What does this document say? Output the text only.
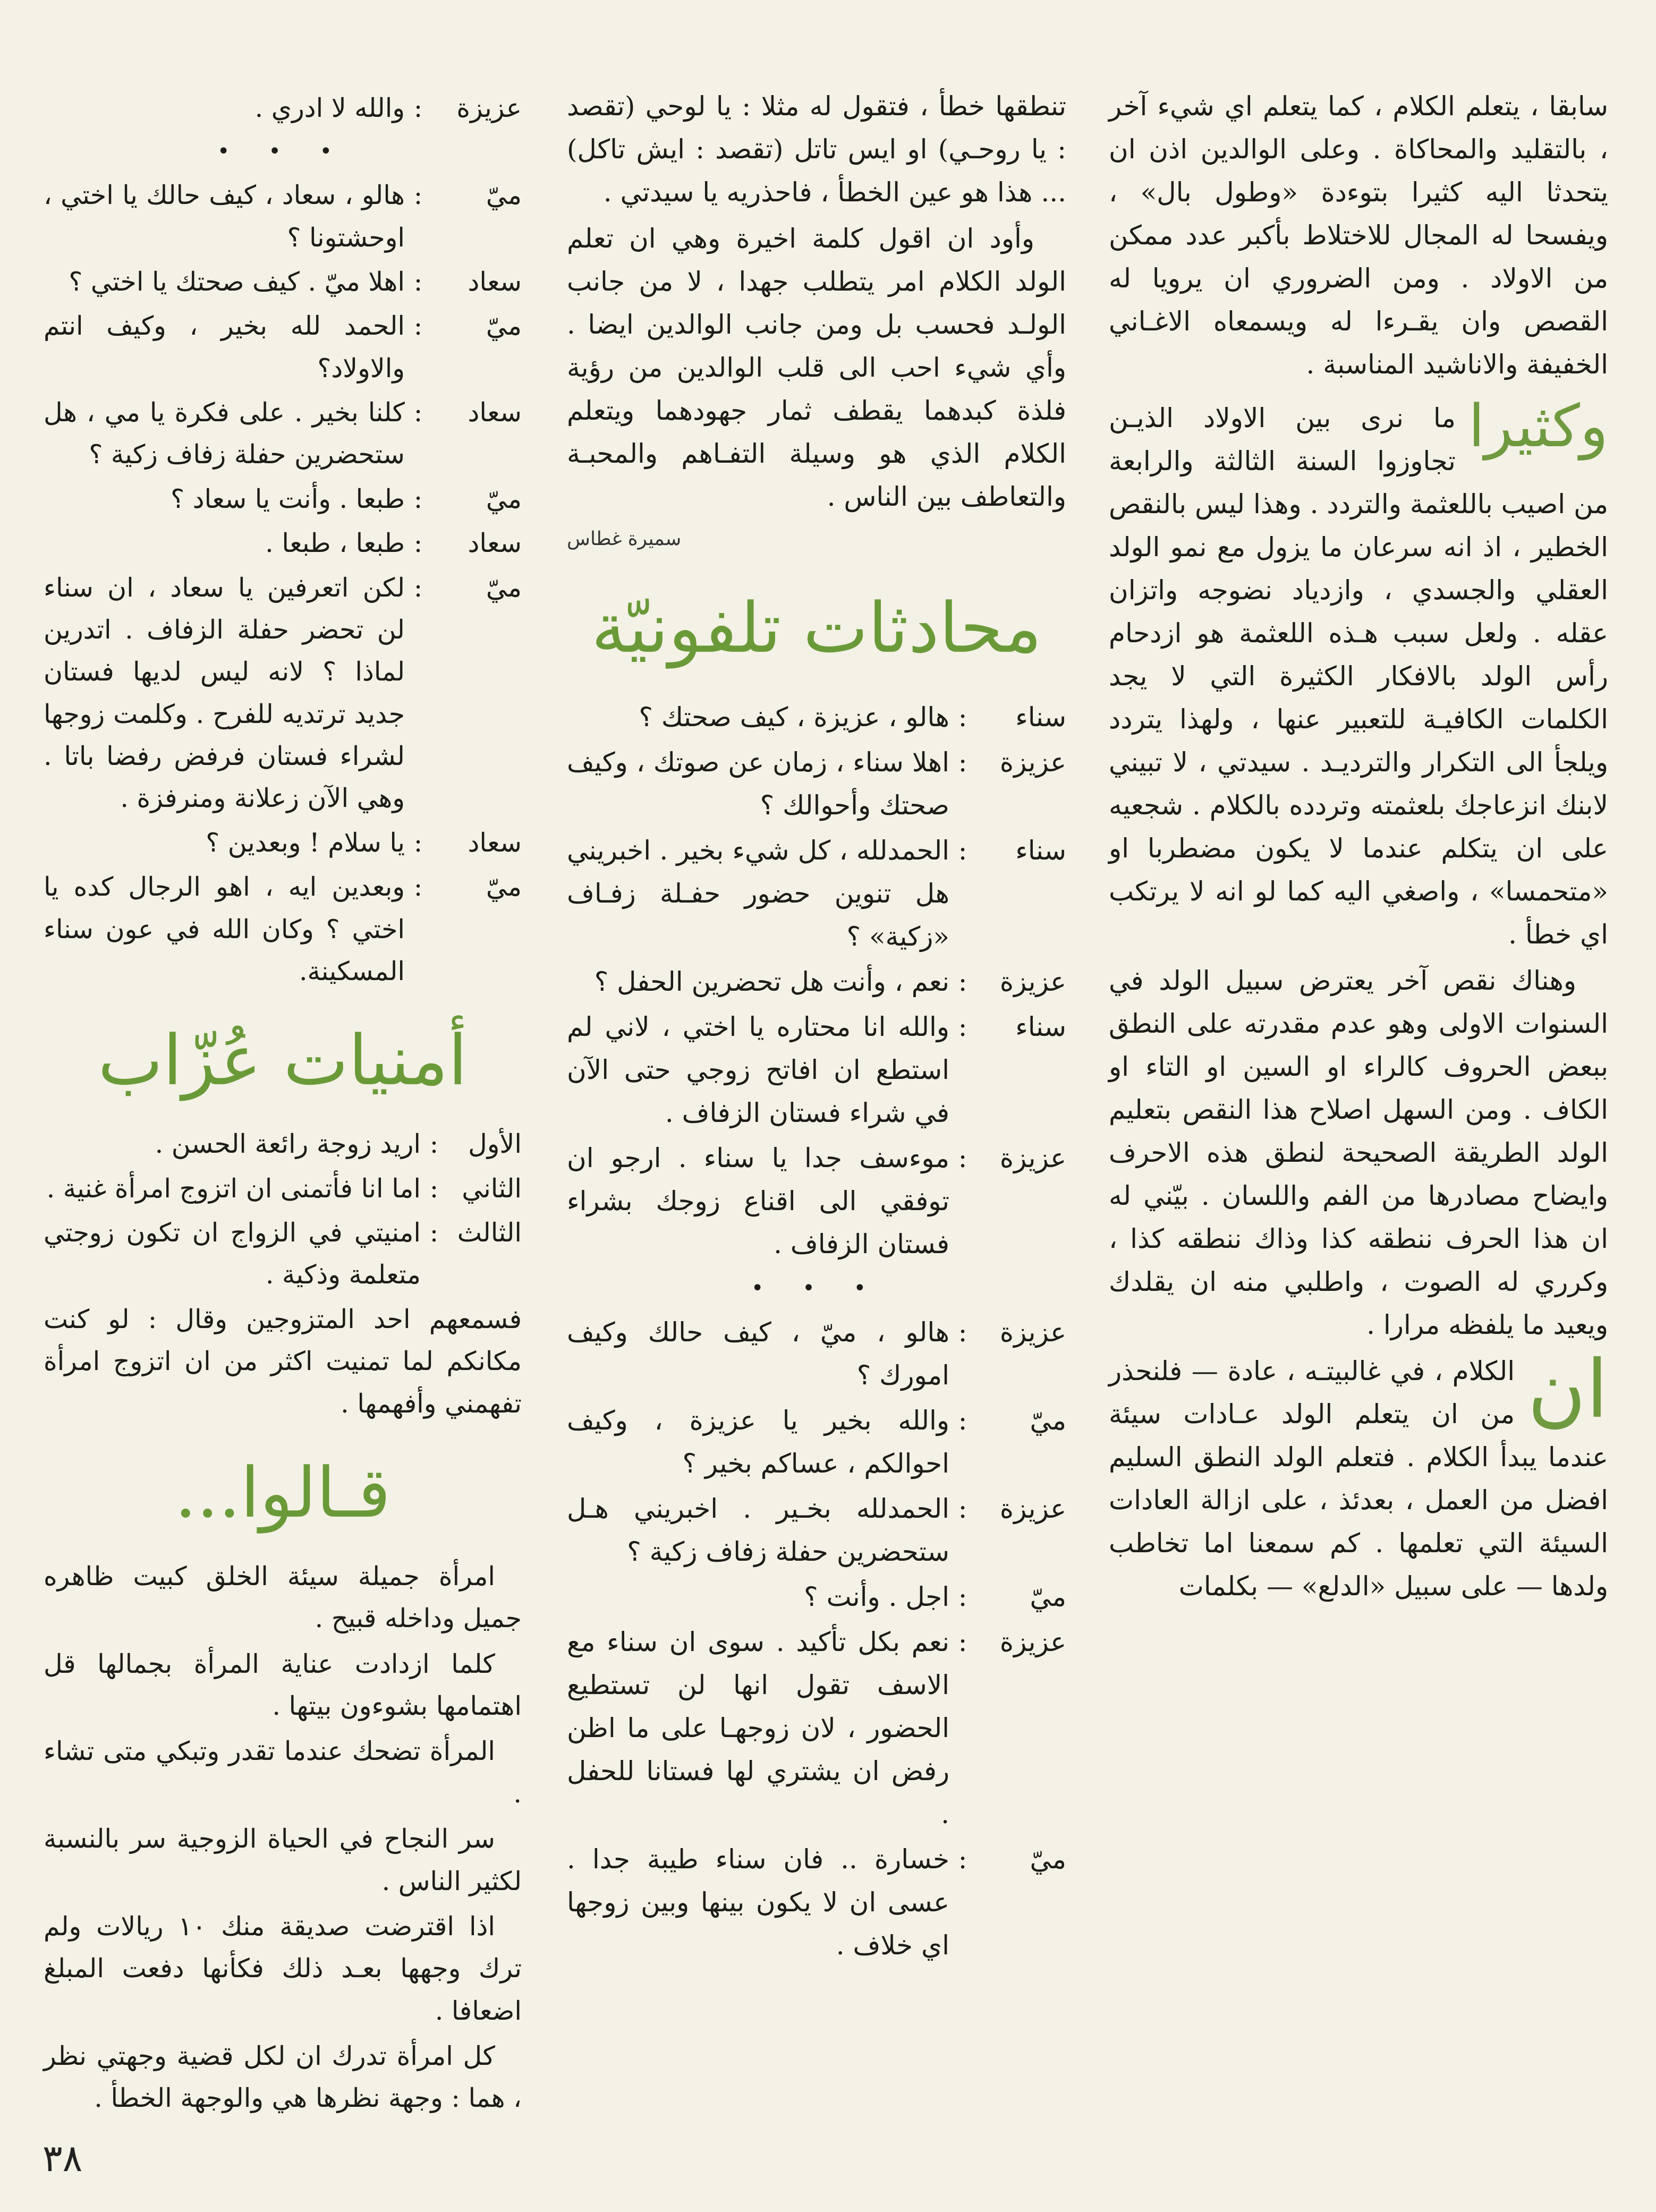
سابقا ، يتعلم الكلام ، كما يتعلم اي شيء آخر ، بالتقليد والمحاكاة . وعلى الوالدين اذن ان يتحدثا اليه كثيرا بتوءدة «وطول بال» ، ويفسحا له المجال للاختلاط بأكبر عدد ممكن من الاولاد . ومن الضروري ان يرويا له القصص وان يقـرءا له ويسمعاه الاغـاني الخفيفة والاناشيد المناسبة .

وكثيرا
ما نرى بين الاولاد الذيـن تجاوزوا السنة الثالثة والرابعة من اصيب باللعثمة والتردد . وهذا ليس بالنقص الخطير ، اذ انه سرعان ما يزول مع نمو الولد العقلي والجسدي ، وازدياد نضوجه واتزان عقله . ولعل سبب هـذه اللعثمة هو ازدحام رأس الولد بالافكار الكثيرة التي لا يجد الكلمات الكافيـة للتعبير عنها ، ولهذا يتردد ويلجأ الى التكرار والترديـد . سيدتي ، لا تبيني لابنك انزعاجك بلعثمته وتردده بالكلام . شجعيه على ان يتكلم عندما لا يكون مضطربا او «متحمسا» ، واصغي اليه كما لو انه لا يرتكب اي خطأ .

وهناك نقص آخر يعترض سبيل الولد في السنوات الاولى وهو عدم مقدرته على النطق ببعض الحروف كالراء او السين او التاء او الكاف . ومن السهل اصلاح هذا النقص بتعليم الولد الطريقة الصحيحة لنطق هذه الاحرف وايضاح مصادرها من الفم واللسان . بيّني له ان هذا الحرف ننطقه كذا وذاك ننطقه كذا ، وكرري له الصوت ، واطلبي منه ان يقلدك ويعيد ما يلفظه مرارا .

ان
الكلام ، في غالبيتـه ، عادة — فلنحذر من ان يتعلم الولد عـادات سيئة عندما يبدأ الكلام . فتعلم الولد النطق السليم افضل من العمل ، بعدئذ ، على ازالة العادات السيئة التي تعلمها . كم سمعنا اما تخاطب ولدها — على سبيل «الدلع» — بكلمات

تنطقها خطأ ، فتقول له مثلا : يا لوحي (تقصد : يا روحـي) او ايس تاتل (تقصد : ايش تاكل) ... هذا هو عين الخطأ ، فاحذريه يا سيدتي .

وأود ان اقول كلمة اخيرة وهي ان تعلم الولد الكلام امر يتطلب جهدا ، لا من جانب الولـد فحسب بل ومن جانب الوالدين ايضا . وأي شيء احب الى قلب الوالدين من رؤية فلذة كبدهما يقطف ثمار جهودهما ويتعلم الكلام الذي هو وسيلة التفـاهم والمحبـة والتعاطف بين الناس .

سميرة غطاس
محادثات تلفونيّة
سناء
:
هالو ، عزيزة ، كيف صحتك ؟
عزيزة
:
اهلا سناء ، زمان عن صوتك ، وكيف صحتك وأحوالك ؟
سناء
:
الحمدلله ، كل شيء بخير . اخبريني هل تنوين حضور حفـلة زفـاف «زكية» ؟
عزيزة
:
نعم ، وأنت هل تحضرين الحفل ؟
سناء
:
والله انا محتاره يا اختي ، لاني لم استطع ان افاتح زوجي حتى الآن في شراء فستان الزفاف .
عزيزة
:
موءسف جدا يا سناء . ارجو ان توفقي الى اقناع زوجك بشراء فستان الزفاف .
• • •
عزيزة
:
هالو ، ميّ ، كيف حالك وكيف امورك ؟
ميّ
:
والله بخير يا عزيزة ، وكيف احوالكم ، عساكم بخير ؟
عزيزة
:
الحمدلله بخـير . اخبريني هـل ستحضرين حفلة زفاف زكية ؟
ميّ
:
اجل . وأنت ؟
عزيزة
:
نعم بكل تأكيد . سوى ان سناء مع الاسف تقول انها لن تستطيع الحضور ، لان زوجهـا على ما اظن رفض ان يشتري لها فستانا للحفل .
ميّ
:
خسارة .. فان سناء طيبة جدا . عسى ان لا يكون بينها وبين زوجها اي خلاف .
عزيزة
:
والله لا ادري .
• • •
ميّ
:
هالو ، سعاد ، كيف حالك يا اختي ، اوحشتونا ؟
سعاد
:
اهلا ميّ . كيف صحتك يا اختي ؟
ميّ
:
الحمد لله بخير ، وكيف انتم والاولاد؟
سعاد
:
كلنا بخير . على فكرة يا مي ، هل ستحضرين حفلة زفاف زكية ؟
ميّ
:
طبعا . وأنت يا سعاد ؟
سعاد
:
طبعا ، طبعا .
ميّ
:
لكن اتعرفين يا سعاد ، ان سناء لن تحضر حفلة الزفاف . اتدرين لماذا ؟ لانه ليس لديها فستان جديد ترتديه للفرح . وكلمت زوجها لشراء فستان فرفض رفضا باتا . وهي الآن زعلانة ومنرفزة .
سعاد
:
يا سلام ! وبعدين ؟
ميّ
:
وبعدين ايه ، اهو الرجال كده يا اختي ؟ وكان الله في عون سناء المسكينة.
أمنيات عُزّاب
الأول
:
اريد زوجة رائعة الحسن .
الثاني
:
اما انا فأتمنى ان اتزوج امرأة غنية .
الثالث
:
امنيتي في الزواج ان تكون زوجتي متعلمة وذكية .

فسمعهم احد المتزوجين وقال : لو كنت مكانكم لما تمنيت اكثر من ان اتزوج امرأة تفهمني وأفهمها .

قـالوا...

امرأة جميلة سيئة الخلق كبيت ظاهره جميل وداخله قبيح .

كلما ازدادت عناية المرأة بجمالها قل اهتمامها بشوءون بيتها .

المرأة تضحك عندما تقدر وتبكي متى تشاء .

سر النجاح في الحياة الزوجية سر بالنسبة لكثير الناس .

اذا اقترضت صديقة منك ١٠ ريالات ولم ترك وجهها بعـد ذلك فكأنها دفعت المبلغ اضعافا .

كل امرأة تدرك ان لكل قضية وجهتي نظر ، هما : وجهة نظرها هي والوجهة الخطأ .

٣٨
